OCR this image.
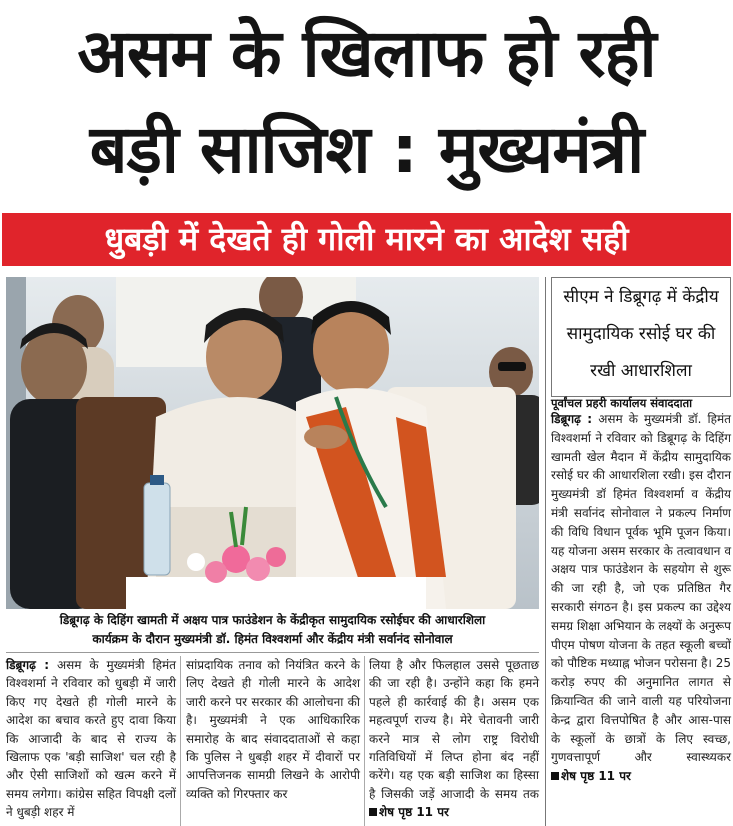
असम के खिलाफ हो रही
बड़ी साजिश : मुख्यमंत्री
धुबड़ी में देखते ही गोली मारने का आदेश सही
डिब्रूगढ़ के दिहिंग खामती में अक्षय पात्र फाउंडेशन के केंद्रीकृत सामुदायिक रसोईघर की आधारशिला
कार्यक्रम के दौरान मुख्यमंत्री डॉ. हिमंत विश्वशर्मा और केंद्रीय मंत्री सर्वानंद सोनोवाल
डिब्रूगढ़ : असम के मुख्यमंत्री हिमंत विश्वशर्मा ने रविवार को धुबड़ी में जारी किए गए देखते ही गोली मारने के आदेश का बचाव करते हुए दावा किया कि आजादी के बाद से राज्य के खिलाफ एक 'बड़ी साजिश' चल रही है और ऐसी साजिशों को खत्म करने में समय लगेगा। कांग्रेस सहित विपक्षी दलों ने धुबड़ी शहर में
सांप्रदायिक तनाव को नियंत्रित करने के लिए देखते ही गोली मारने के आदेश जारी करने पर सरकार की आलोचना की है। मुख्यमंत्री ने एक आधिकारिक समारोह के बाद संवाददाताओं से कहा कि पुलिस ने धुबड़ी शहर में दीवारों पर आपत्तिजनक सामग्री लिखने के आरोपी व्यक्ति को गिरफ्तार कर
लिया है और फिलहाल उससे पूछताछ की जा रही है। उन्होंने कहा कि हमने पहले ही कार्रवाई की है। असम एक महत्वपूर्ण राज्य है। मेरे चेतावनी जारी करने मात्र से लोग राष्ट्र विरोधी गतिविधियों में लिप्त होना बंद नहीं करेंगे। यह एक बड़ी साजिश का हिस्सा है जिसकी जड़ें आजादी के समय तक शेष पृष्ठ 11 पर
सीएम ने डिब्रूगढ़ में केंद्रीय सामुदायिक रसोई घर की रखी आधारशिला
पूर्वांचल प्रहरी कार्यालय संवाददाता
डिब्रूगढ़ : असम के मुख्यमंत्री डॉ. हिमंत विश्वशर्मा ने रविवार को डिब्रूगढ़ के दिहिंग खामती खेल मैदान में केंद्रीय सामुदायिक रसोई घर की आधारशिला रखी। इस दौरान मुख्यमंत्री डॉ हिमंत विश्वशर्मा व केंद्रीय मंत्री सर्वानंद सोनोवाल ने प्रकल्प निर्माण की विधि विधान पूर्वक भूमि पूजन किया। यह योजना असम सरकार के तत्वावधान व अक्षय पात्र फाउंडेशन के सहयोग से शुरू की जा रही है, जो एक प्रतिष्ठित गैर सरकारी संगठन है। इस प्रकल्प का उद्देश्य समग्र शिक्षा अभियान के लक्ष्यों के अनुरूप पीएम पोषण योजना के तहत स्कूली बच्चों को पौष्टिक मध्याह्न भोजन परोसना है। 25 करोड़ रुपए की अनुमानित लागत से क्रियान्वित की जाने वाली यह परियोजना केन्द्र द्वारा वित्तपोषित है और आस-पास के स्कूलों के छात्रों के लिए स्वच्छ, गुणवत्तापूर्ण और स्वास्थ्यकर शेष पृष्ठ 11 पर
